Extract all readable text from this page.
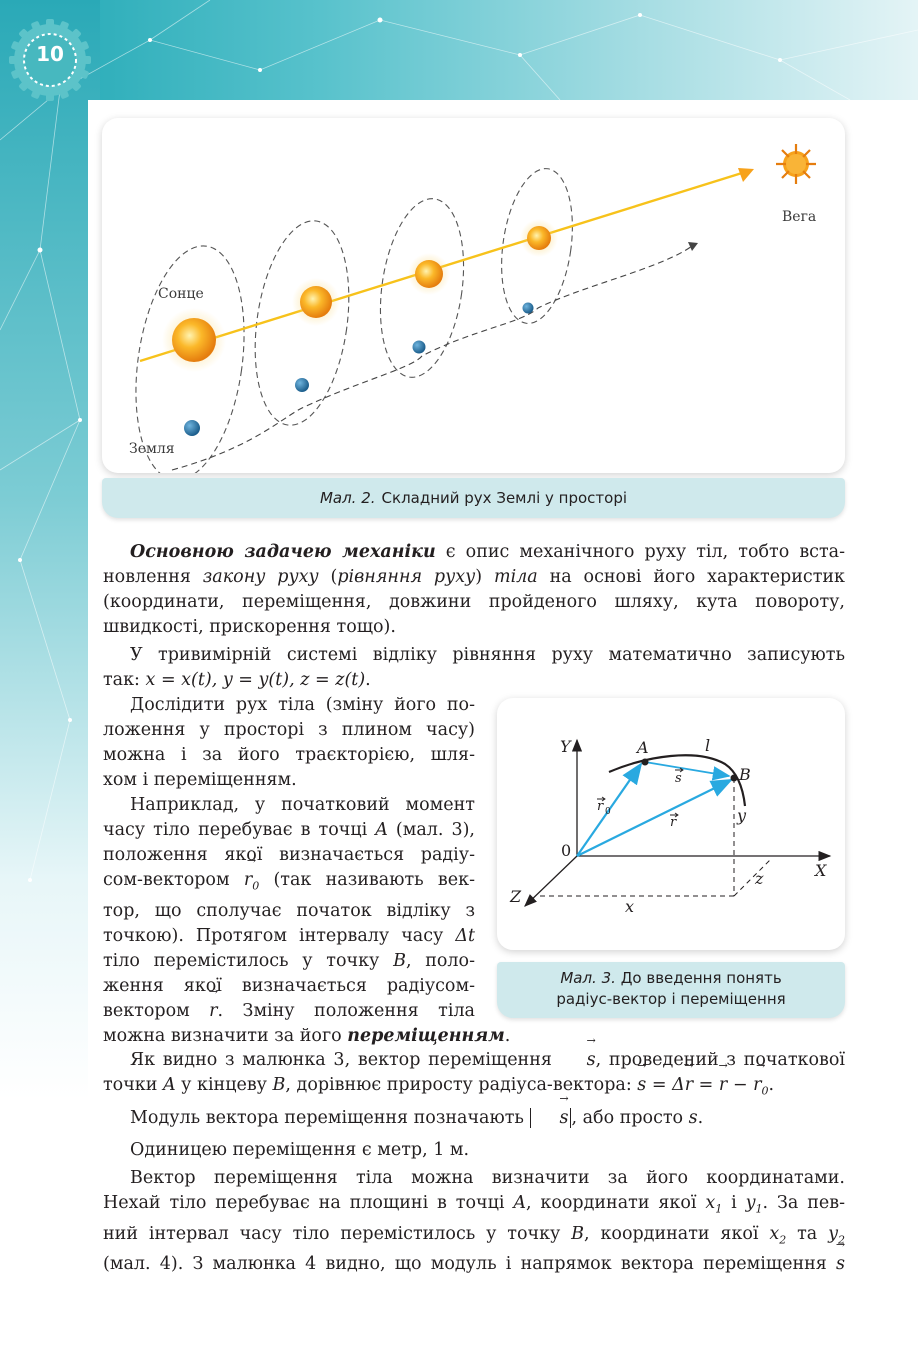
10
Сонце
Земля
Вега
Мал. 2. Складний рух Землі у просторі
Основною задачею механіки є опис механічного руху тіл, тобто вста-
новлення закону руху (рівняння руху) тіла на основі його характеристик
(координати, переміщення, довжини пройденого шляху, кута повороту,
швидкості, прискорення тощо).
У тривимірній системі відліку рівняння руху математично записують
так: x = x(t), y = y(t), z = z(t).
Дослідити рух тіла (зміну його по-
ложення у просторі з плином часу)
можна і за його траєкторією, шля-
хом і переміщенням.
Наприклад, у початковий момент
часу тіло перебуває в точці A (мал. 3),
положення якої визначається радіу-
сом-вектором → $r_0$ (так називають век-
тор, що сполучає початок відліку з
точкою). Протягом інтервалу часу Δt
тіло перемістилось у точку B, поло-
ження якої визначається радіусом-
вектором → r. Зміну положення тіла
можна визначити за його переміщенням.
Y
X
Z
0
A
B
l
s
r 0
r	y
x
z
Мал. 3. До введення понять
радіус-вектор і переміщення
Як видно з малюнка 3, вектор переміщення → s, проведений з початкової
точки A у кінцеву B, дорівнює приросту радіуса-вектора: → s = Δ→ r = → r − → $r_0$.
Модуль вектора переміщення позначають → s , або просто s.
Одиницею переміщення є метр, 1 м.
Вектор переміщення тіла можна визначити за його координатами.
Нехай тіло перебуває на площині в точці A, координати якої $x_1$ і $y_1$. За пев-
ний інтервал часу тіло перемістилось у точку B, координати якої $x_2$ та $y_2$
(мал. 4). З малюнка 4 видно, що модуль і напрямок вектора переміщення → s
